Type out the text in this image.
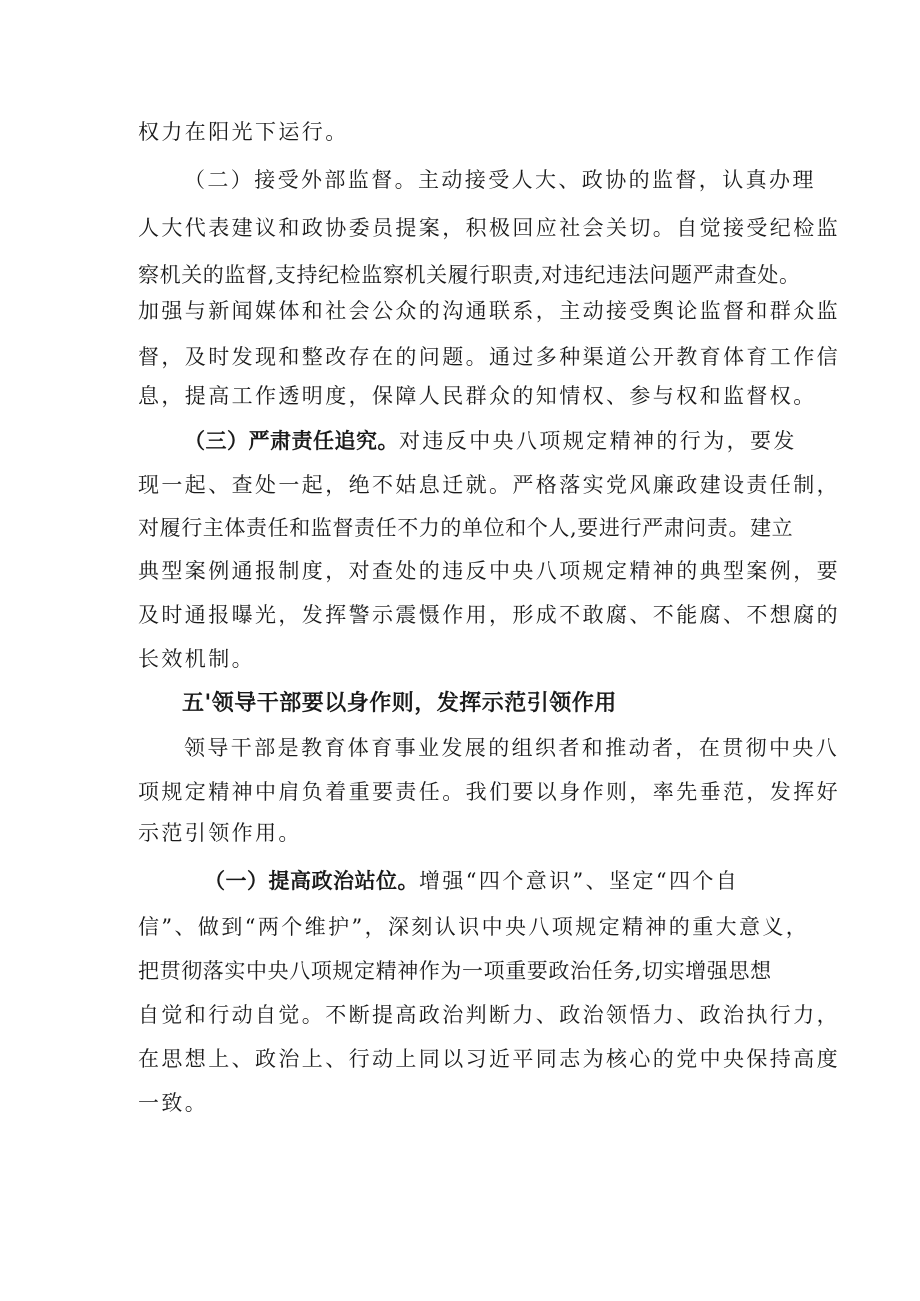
权力在阳光下运行。
（二）接受外部监督。主动接受人大、政协的监督，认真办理
人大代表建议和政协委员提案，积极回应社会关切。自觉接受纪检监
察机关的监督,支持纪检监察机关履行职责,对违纪违法问题严肃查处。
加强与新闻媒体和社会公众的沟通联系，主动接受舆论监督和群众监
督，及时发现和整改存在的问题。通过多种渠道公开教育体育工作信
息，提高工作透明度，保障人民群众的知情权、参与权和监督权。
（三）严肃责任追究。对违反中央八项规定精神的行为，要发
现一起、查处一起，绝不姑息迁就。严格落实党风廉政建设责任制，
对履行主体责任和监督责任不力的单位和个人,要进行严肃问责。建立
典型案例通报制度，对查处的违反中央八项规定精神的典型案例，要
及时通报曝光，发挥警示震慑作用，形成不敢腐、不能腐、不想腐的
长效机制。
五'领导干部要以身作则，发挥示范引领作用
领导干部是教育体育事业发展的组织者和推动者，在贯彻中央八
项规定精神中肩负着重要责任。我们要以身作则，率先垂范，发挥好
示范引领作用。
（一）提高政治站位。增强“四个意识”、坚定“四个自
信”、做到“两个维护”，深刻认识中央八项规定精神的重大意义，
把贯彻落实中央八项规定精神作为一项重要政治任务,切实增强思想
自觉和行动自觉。不断提高政治判断力、政治领悟力、政治执行力，
在思想上、政治上、行动上同以习近平同志为核心的党中央保持高度
一致。
